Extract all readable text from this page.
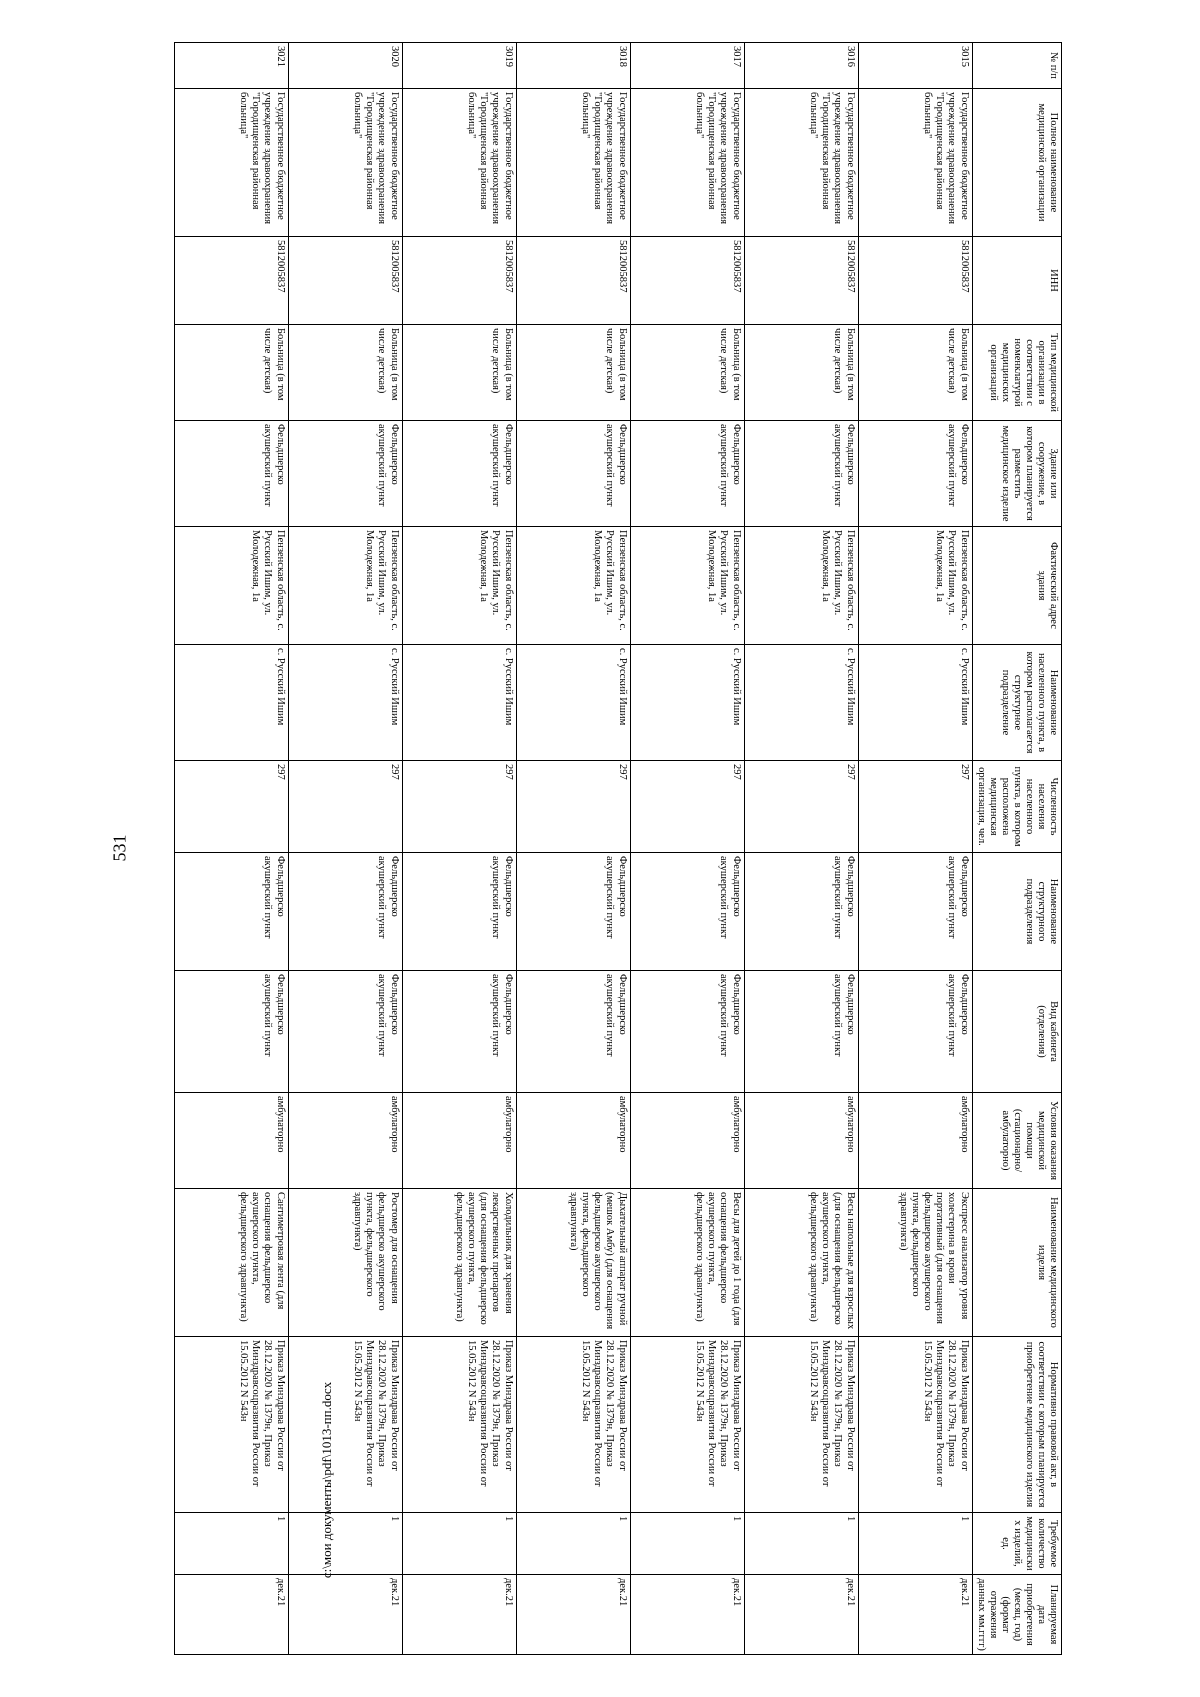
531
№ п/п	Полное наименование медицинской организации	ИНН	Тип медицинской организации в соответствии с номенклатурой медицинских организаций	Здание или сооружение, в котором планируется разместить медицинское изделие	Фактический адрес здания	Наименование населенного пункта, в котором располагается структурное подразделение	Численность населения населенного пункта, в котором расположена медицинская организация, чел.	Наименование структурного подразделения	Вид кабинета (отделения)	Условия оказания медицинской помощи (стационарно/амбулаторно)	Наименование медицинского изделия	Нормативно правовой акт, в соответствии с которым планируется приобретение медицинского изделия	Требуемое количество медицинских изделий, ед.	Планируемая дата приобретения (месяц, год) (формат отражения данных мм.гггг)
3015	Государственное бюджетное учреждение здравоохранения "Городищенская районная больница"	5812005837	Больница (в том числе детская)	Фельдшерско акушерский пункт	Пензенская область, с. Русский Ишим, ул. Молодежная, 1а	с. Русский Ишим	297	Фельдшерско акушерский пункт	Фельдшерско акушерский пункт	амбулаторно	Экспресс анализатор уровня холестерина в крови портативный (для оснащения фельдшерско акушерского пункта, фельдшерского здравпункта)	Приказ Минздрава России от 28.12.2020 № 1379н, Приказ Минздравсоцразвития России от 15.05.2012 N 543н	1	дек.21
3016	Государственное бюджетное учреждение здравоохранения "Городищенская районная больница"	5812005837	Больница (в том числе детская)	Фельдшерско акушерский пункт	Пензенская область, с. Русский Ишим, ул. Молодежная, 1а	с. Русский Ишим	297	Фельдшерско акушерский пункт	Фельдшерско акушерский пункт	амбулаторно	Весы напольные для взрослых (для оснащения фельдшерско акушерского пункта, фельдшерского здравпункта)	Приказ Минздрава России от 28.12.2020 № 1379н, Приказ Минздравсоцразвития России от 15.05.2012 N 543н	1	дек.21
3017	Государственное бюджетное учреждение здравоохранения "Городищенская районная больница"	5812005837	Больница (в том числе детская)	Фельдшерско акушерский пункт	Пензенская область, с. Русский Ишим, ул. Молодежная, 1а	с. Русский Ишим	297	Фельдшерско акушерский пункт	Фельдшерско акушерский пункт	амбулаторно	Весы для детей до 1 года (для оснащения фельдшерско акушерского пункта, фельдшерского здравпункта)	Приказ Минздрава России от 28.12.2020 № 1379н, Приказ Минздравсоцразвития России от 15.05.2012 N 543н	1	дек.21
3018	Государственное бюджетное учреждение здравоохранения "Городищенская районная больница"	5812005837	Больница (в том числе детская)	Фельдшерско акушерский пункт	Пензенская область, с. Русский Ишим, ул. Молодежная, 1а	с. Русский Ишим	297	Фельдшерско акушерский пункт	Фельдшерско акушерский пункт	амбулаторно	Дыхательный аппарат ручной (мешок Амбу) (для оснащения фельдшерско акушерского пункта, фельдшерского здравпункта)	Приказ Минздрава России от 28.12.2020 № 1379н, Приказ Минздравсоцразвития России от 15.05.2012 N 543н	1	дек.21
3019	Государственное бюджетное учреждение здравоохранения "Городищенская районная больница"	5812005837	Больница (в том числе детская)	Фельдшерско акушерский пункт	Пензенская область, с. Русский Ишим, ул. Молодежная, 1а	с. Русский Ишим	297	Фельдшерско акушерский пункт	Фельдшерско акушерский пункт	амбулаторно	Холодильник для хранения лекарственных препаратов (для оснащения фельдшерско акушерского пункта, фельдшерского здравпункта)	Приказ Минздрава России от 28.12.2020 № 1379н, Приказ Минздравсоцразвития России от 15.05.2012 N 543н	1	дек.21
3020	Государственное бюджетное учреждение здравоохранения "Городищенская районная больница"	5812005837	Больница (в том числе детская)	Фельдшерско акушерский пункт	Пензенская область, с. Русский Ишим, ул. Молодежная, 1а	с. Русский Ишим	297	Фельдшерско акушерский пункт	Фельдшерско акушерский пункт	амбулаторно	Ростомер для оснащения фельдшерско акушерского пункта, фельдшерского здравпункта)	Приказ Минздрава России от 28.12.2020 № 1379н, Приказ Минздравсоцразвития России от 15.05.2012 N 543н	1	дек.21
3021	Государственное бюджетное учреждение здравоохранения "Городищенская районная больница"	5812005837	Больница (в том числе детская)	Фельдшерско акушерский пункт	Пензенская область, с. Русский Ишим, ул. Молодежная, 1а	с. Русский Ишим	297	Фельдшерско акушерский пункт	Фельдшерско акушерский пункт	амбулаторно	Сантиметровая лента (для оснащения фельдшерско акушерского пункта, фельдшерского здравпункта)	Приказ Минздрава России от 28.12.2020 № 1379н, Приказ Минздравсоцразвития России от 15.05.2012 N 543н	1	дек.21
c:\мои документы\pdf\1013-пп.docx
